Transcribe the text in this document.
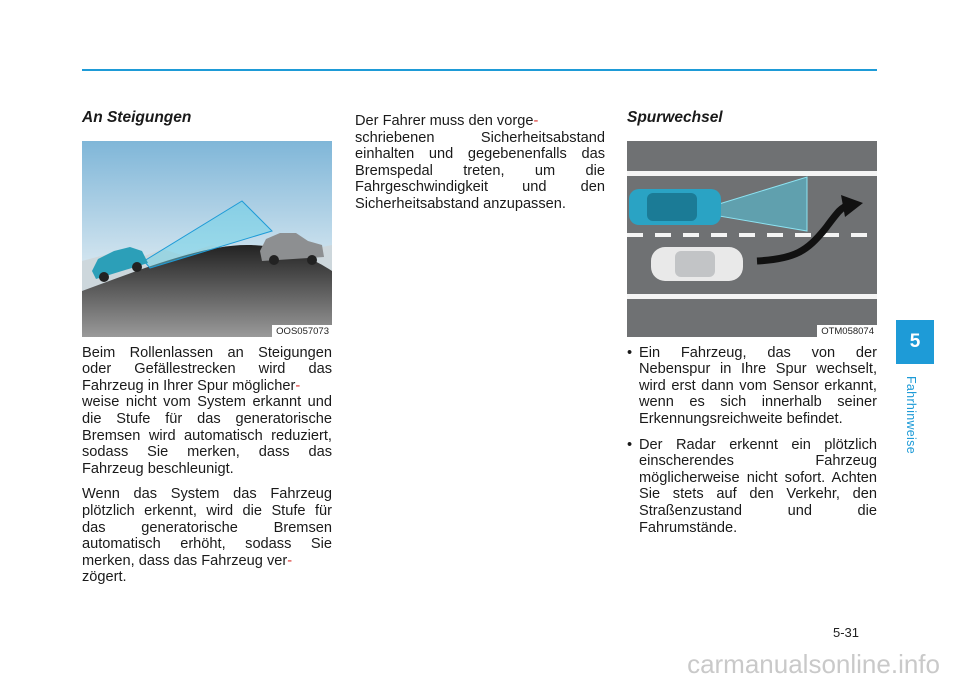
An Steigungen
OOS057073

Beim Rollenlassen an Steigungen oder Gefällestrecken wird das Fahrzeug in Ihrer Spur möglicher-
weise nicht vom System erkannt und die Stufe für das generatorische Bremsen wird automatisch reduziert, sodass Sie merken, dass das Fahrzeug beschleunigt.

Wenn das System das Fahrzeug plötzlich erkennt, wird die Stufe für das generatorische Bremsen automatisch erhöht, sodass Sie merken, dass das Fahrzeug ver-
zögert.

Der Fahrer muss den vorge-
schriebenen Sicherheitsabstand einhalten und gegebenenfalls das Bremspedal treten, um die Fahrgeschwindigkeit und den Sicherheitsabstand anzupassen.

Spurwechsel
OTM058074
• Ein Fahrzeug, das von der Nebenspur in Ihre Spur wechselt, wird erst dann vom Sensor erkannt, wenn es sich innerhalb seiner Erkennungsreichweite befindet.
• Der Radar erkennt ein plötzlich einscherendes Fahrzeug möglicherweise nicht sofort. Achten Sie stets auf den Verkehr, den Straßenzustand und die Fahrumstände.
5
Fahrhinweise
5-31
carmanualsonline.info
